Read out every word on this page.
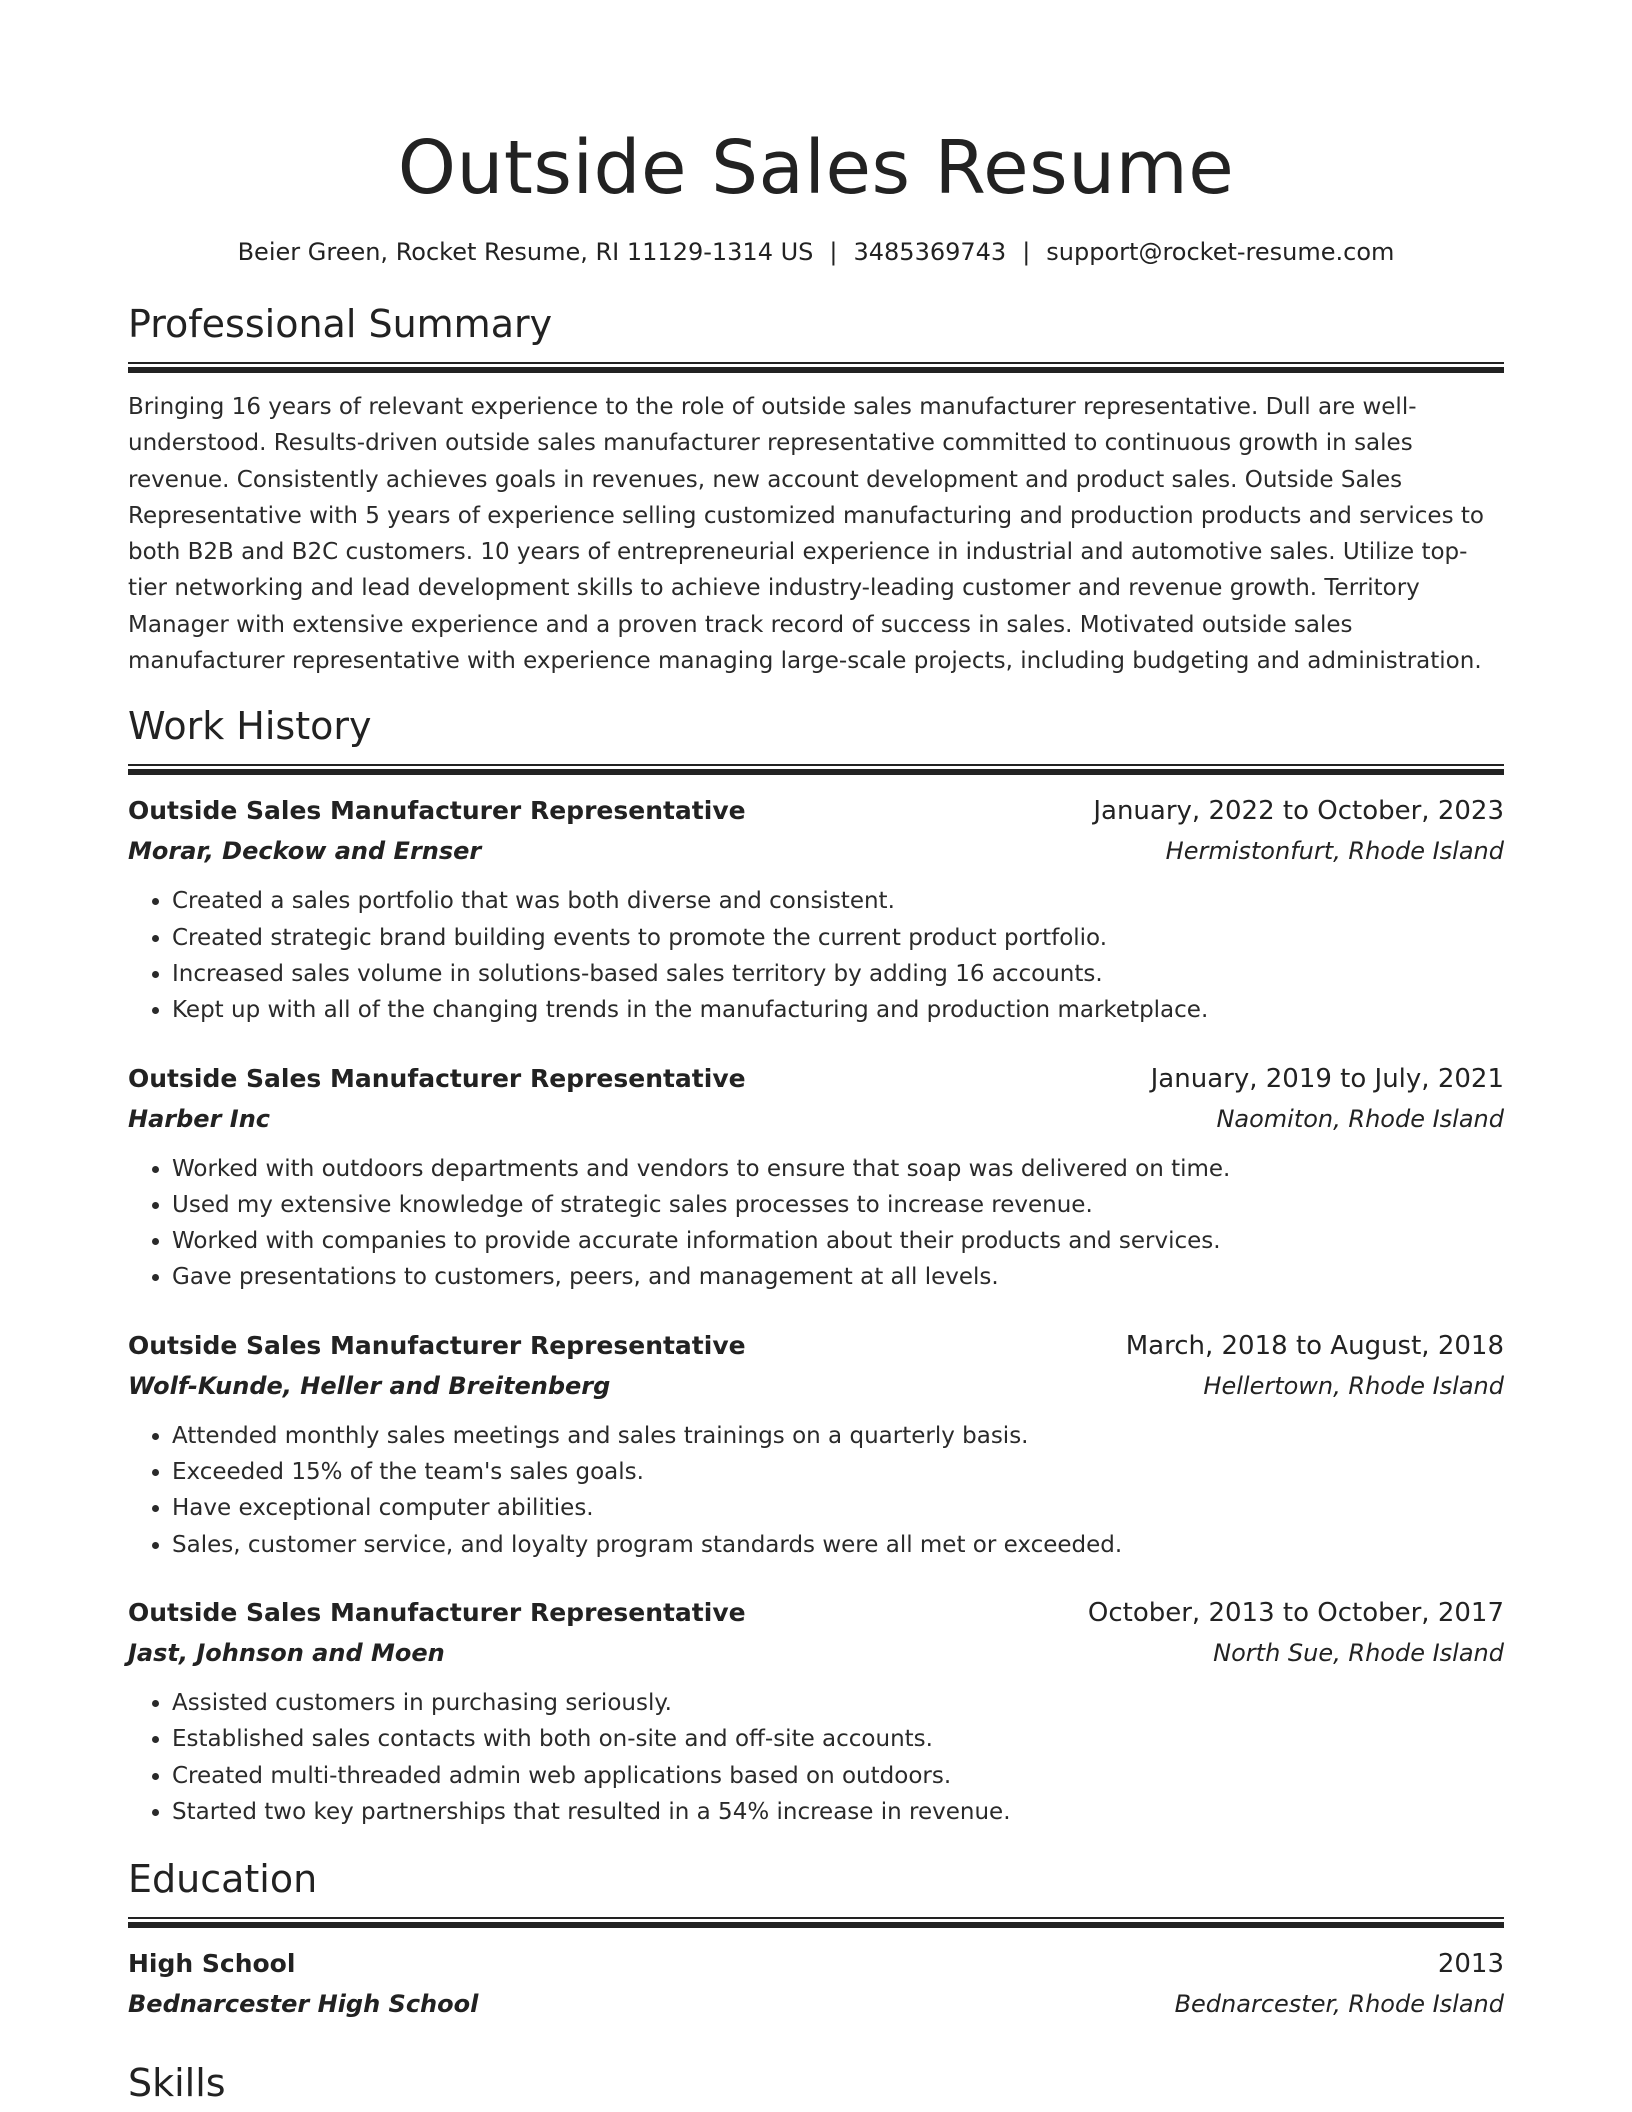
Outside Sales Resume
Beier Green, Rocket Resume, RI 11129-1314 US | 3485369743 | support@rocket-resume.com
Professional Summary
Bringing 16 years of relevant experience to the role of outside sales manufacturer representative. Dull are well-understood. Results-driven outside sales manufacturer representative committed to continuous growth in sales revenue. Consistently achieves goals in revenues, new account development and product sales. Outside Sales Representative with 5 years of experience selling customized manufacturing and production products and services to both B2B and B2C customers. 10 years of entrepreneurial experience in industrial and automotive sales. Utilize top-tier networking and lead development skills to achieve industry-leading customer and revenue growth. Territory Manager with extensive experience and a proven track record of success in sales. Motivated outside sales manufacturer representative with experience managing large-scale projects, including budgeting and administration.
Work History
Outside Sales Manufacturer Representative	January, 2022 to October, 2023
Morar, Deckow and Ernser	Hermistonfurt, Rhode Island
• Created a sales portfolio that was both diverse and consistent.
• Created strategic brand building events to promote the current product portfolio.
• Increased sales volume in solutions-based sales territory by adding 16 accounts.
• Kept up with all of the changing trends in the manufacturing and production marketplace.
Outside Sales Manufacturer Representative	January, 2019 to July, 2021
Harber Inc	Naomiton, Rhode Island
• Worked with outdoors departments and vendors to ensure that soap was delivered on time.
• Used my extensive knowledge of strategic sales processes to increase revenue.
• Worked with companies to provide accurate information about their products and services.
• Gave presentations to customers, peers, and management at all levels.
Outside Sales Manufacturer Representative	March, 2018 to August, 2018
Wolf-Kunde, Heller and Breitenberg	Hellertown, Rhode Island
• Attended monthly sales meetings and sales trainings on a quarterly basis.
• Exceeded 15% of the team's sales goals.
• Have exceptional computer abilities.
• Sales, customer service, and loyalty program standards were all met or exceeded.
Outside Sales Manufacturer Representative	October, 2013 to October, 2017
Jast, Johnson and Moen	North Sue, Rhode Island
• Assisted customers in purchasing seriously.
• Established sales contacts with both on-site and off-site accounts.
• Created multi-threaded admin web applications based on outdoors.
• Started two key partnerships that resulted in a 54% increase in revenue.
Education
High School	2013
Bednarcester High School	Bednarcester, Rhode Island
Skills
